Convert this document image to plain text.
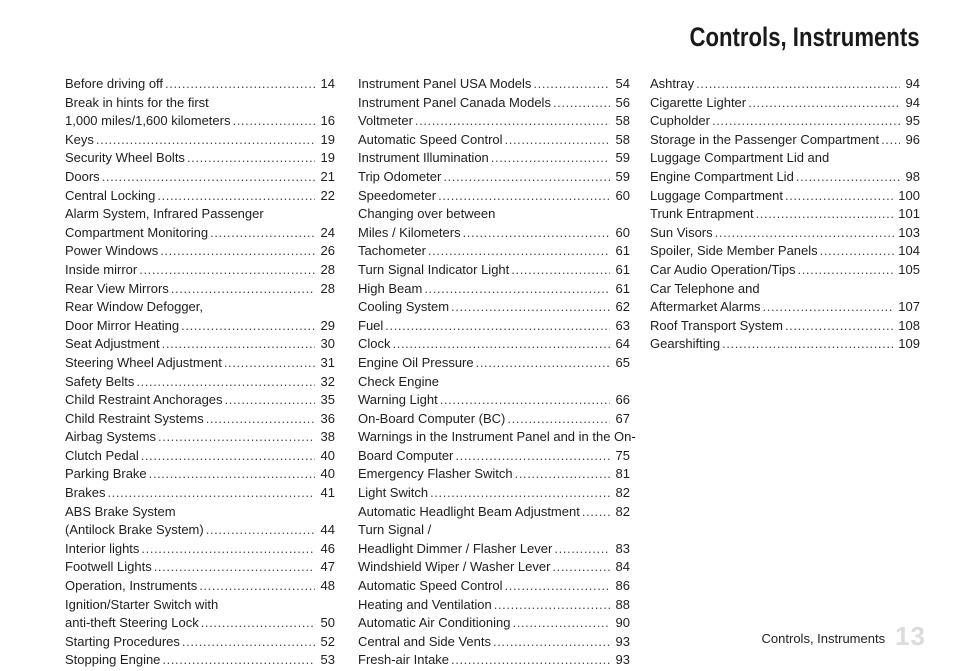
Controls, Instruments
Before driving off .....	14
Break in hints for the first
1,000 miles/1,600 kilometers .....	16
Keys .....	19
Security Wheel Bolts .....	19
Doors .....	21
Central Locking .....	22
Alarm System, Infrared Passenger
Compartment Monitoring .....	24
Power Windows .....	26
Inside mirror .....	28
Rear View Mirrors .....	28
Rear Window Defogger,
Door Mirror Heating .....	29
Seat Adjustment .....	30
Steering Wheel Adjustment .....	31
Safety Belts .....	32
Child Restraint Anchorages .....	35
Child Restraint Systems .....	36
Airbag Systems .....	38
Clutch Pedal .....	40
Parking Brake .....	40
Brakes .....	41
ABS Brake System
(Antilock Brake System) .....	44
Interior lights .....	46
Footwell Lights .....	47
Operation, Instruments .....	48
Ignition/Starter Switch with
anti-theft Steering Lock .....	50
Starting Procedures .....	52
Stopping Engine .....	53
Instrument Panel USA Models .....	54
Instrument Panel Canada Models .....	56
Voltmeter .....	58
Automatic Speed Control .....	58
Instrument Illumination .....	59
Trip Odometer .....	59
Speedometer .....	60
Changing over between
Miles / Kilometers .....	60
Tachometer .....	61
Turn Signal Indicator Light .....	61
High Beam .....	61
Cooling System .....	62
Fuel .....	63
Clock .....	64
Engine Oil Pressure .....	65
Check Engine
Warning Light .....	66
On-Board Computer (BC) .....	67
Warnings in the Instrument Panel and in the On-
Board Computer .....	75
Emergency Flasher Switch .....	81
Light Switch .....	82
Automatic Headlight Beam Adjustment .....	82
Turn Signal /
Headlight Dimmer / Flasher Lever .....	83
Windshield Wiper / Washer Lever .....	84
Automatic Speed Control .....	86
Heating and Ventilation .....	88
Automatic Air Conditioning .....	90
Central and Side Vents .....	93
Fresh-air Intake .....	93
Ashtray .....	94
Cigarette Lighter .....	94
Cupholder .....	95
Storage in the Passenger Compartment ..... 96
Luggage Compartment Lid and
Engine Compartment Lid .....	98
Luggage Compartment .....	100
Trunk Entrapment .....	101
Sun Visors .....	103
Spoiler, Side Member Panels .....	104
Car Audio Operation/Tips .....	105
Car Telephone and
Aftermarket Alarms .....	107
Roof Transport System .....	108
Gearshifting .....	109
Controls, Instruments 13
